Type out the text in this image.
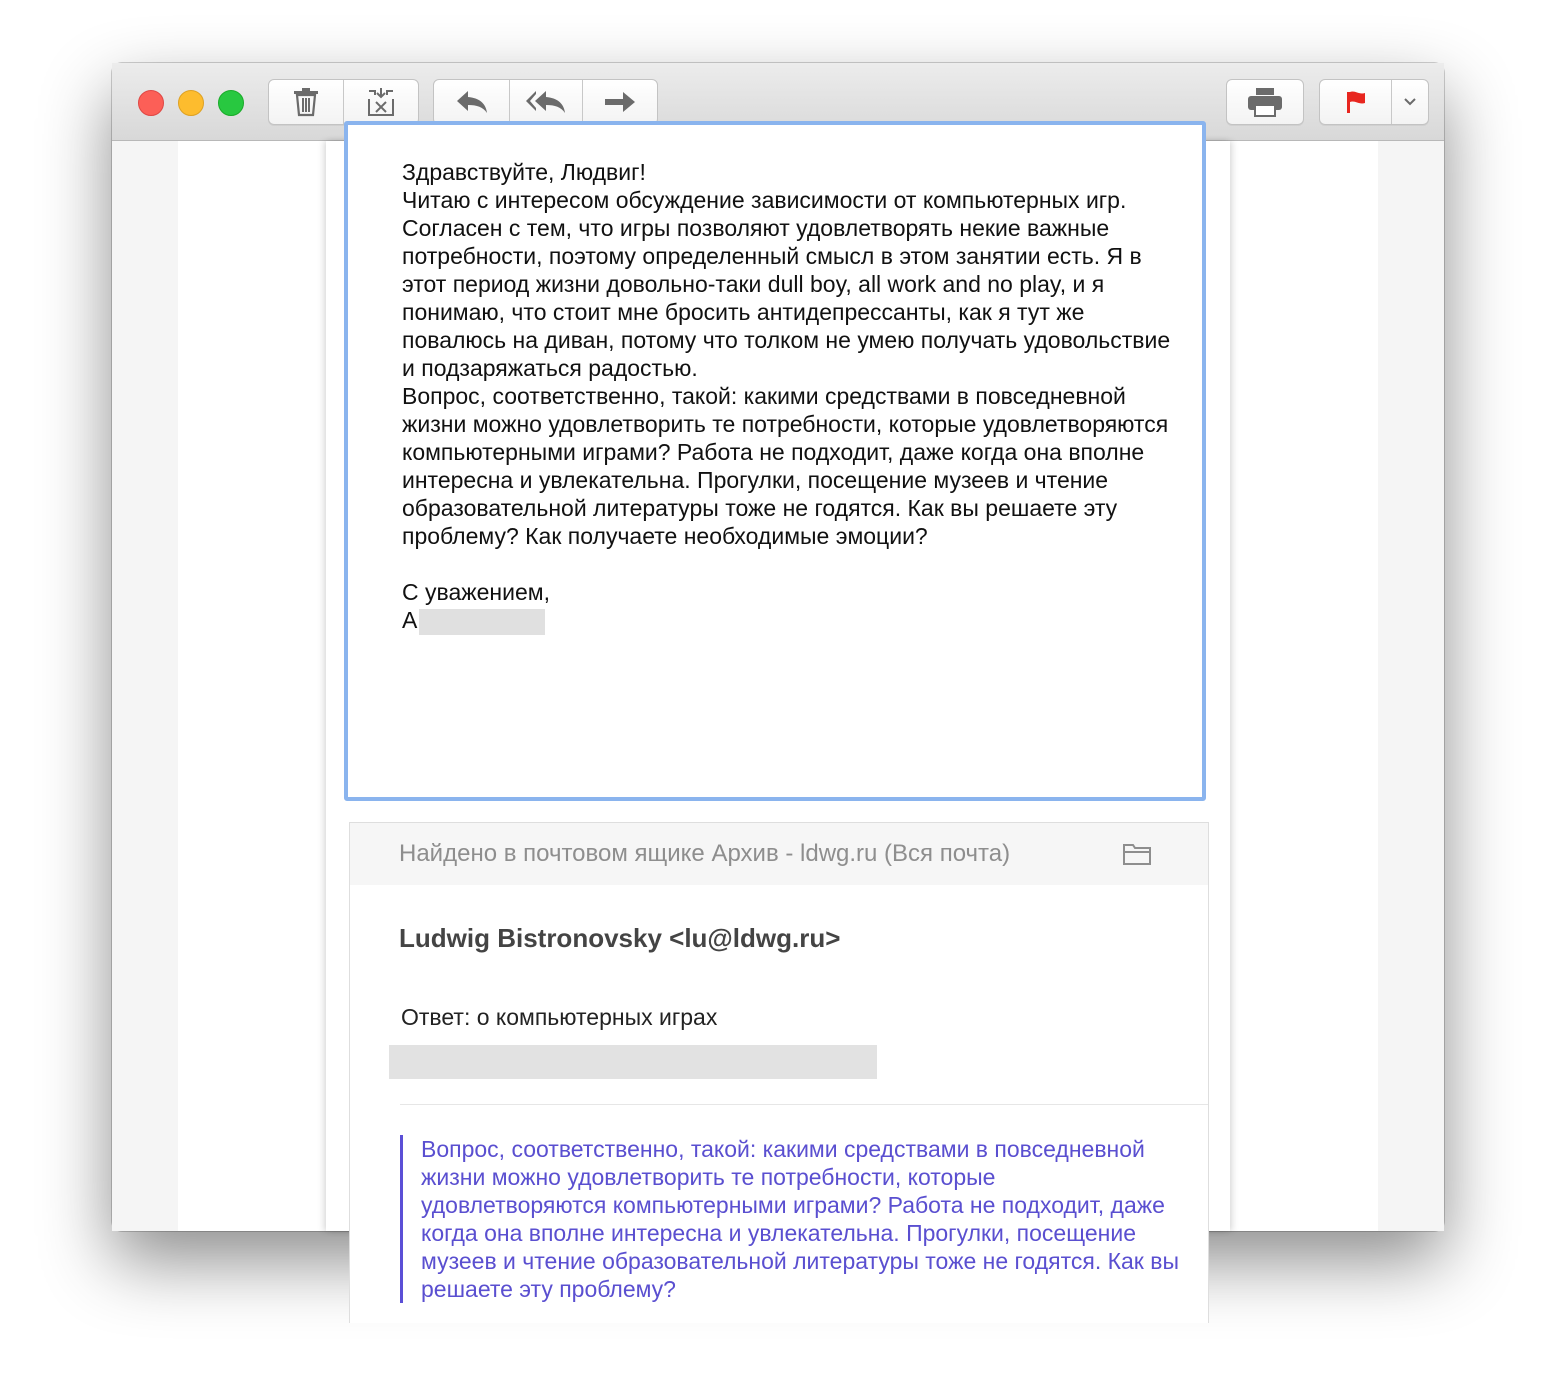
Здравствуйте, Людвиг!

Читаю с интересом обсуждение зависимости от компьютерных игр. Согласен с тем, что игры позволяют удовлетворять некие важные потребности, поэтому определенный смысл в этом занятии есть. Я в этот период жизни довольно-таки dull boy, all work and no play, и я понимаю, что стоит мне бросить антидепрессанты, как я тут же повалюсь на диван, потому что толком не умею получать удовольствие и подзаряжаться радостью.

Вопрос, соответственно, такой: какими средствами в повседневной жизни можно удовлетворить те потребности, которые удовлетворяются компьютерными играми? Работа не подходит, даже когда она вполне интересна и увлекательна. Прогулки, посещение музеев и чтение образовательной литературы тоже не годятся. Как вы решаете эту проблему? Как получаете необходимые эмоции?

С уважением,

А

Найдено в почтовом ящике Архив - ldwg.ru (Вся почта)
Ludwig Bistronovsky <lu@ldwg.ru>
Ответ: о компьютерных играх
Вопрос, соответственно, такой: какими средствами в повседневной жизни можно удовлетворить те потребности, которые удовлетворяются компьютерными играми? Работа не подходит, даже когда она вполне интересна и увлекательна. Прогулки, посещение музеев и чтение образовательной литературы тоже не годятся. Как вы решаете эту проблему?
